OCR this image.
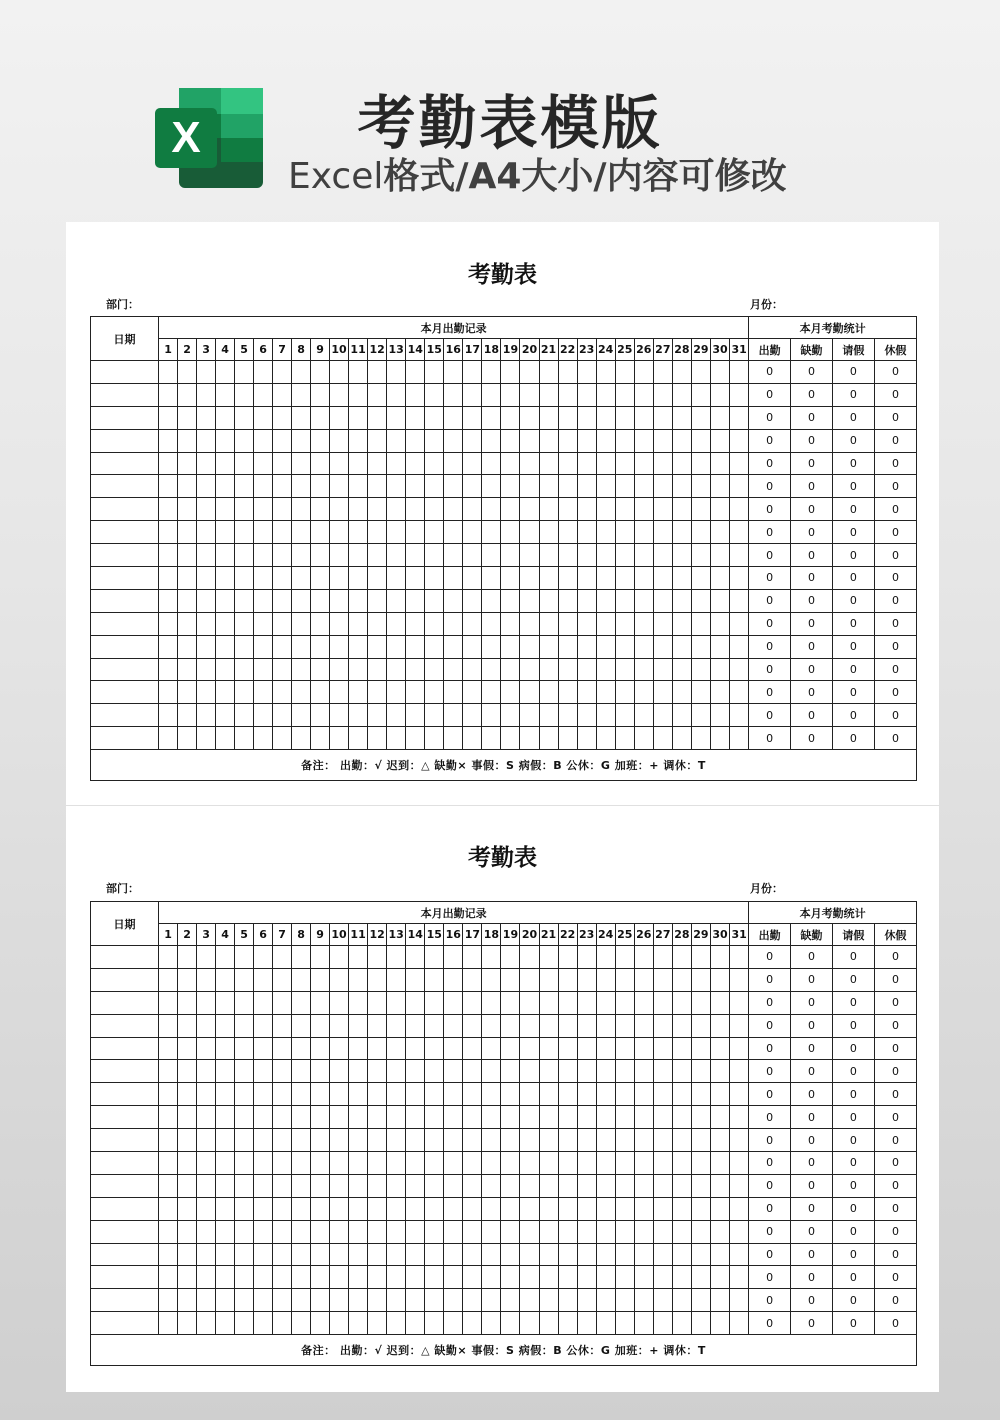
X	考勤表模版
Excel格式/A4大小/内容可修改
考勤表
部门：	月份：
日期	本月出勤记录																															本月考勤统计			
	1	2	3	4	5	6	7	8	9	10	11	12	13	14	15	16	17	18	19	20	21	22	23	24	25	26	27	28	29	30	31	出勤	缺勤	请假	休假
																																0	0	0	0
																																0	0	0	0
																																0	0	0	0
																																0	0	0	0
																																0	0	0	0
																																0	0	0	0
																																0	0	0	0
																																0	0	0	0
																																0	0	0	0
																																0	0	0	0
																																0	0	0	0
																																0	0	0	0
																																0	0	0	0
																																0	0	0	0
																																0	0	0	0
																																0	0	0	0
																																0	0	0	0
备注： 出勤：√ 迟到：△ 缺勤× 事假：S 病假：B 公休：G 加班：+ 调休：T																																			
考勤表
部门：	月份：
日期	本月出勤记录																															本月考勤统计			
	1	2	3	4	5	6	7	8	9	10	11	12	13	14	15	16	17	18	19	20	21	22	23	24	25	26	27	28	29	30	31	出勤	缺勤	请假	休假
																																0	0	0	0
																																0	0	0	0
																																0	0	0	0
																																0	0	0	0
																																0	0	0	0
																																0	0	0	0
																																0	0	0	0
																																0	0	0	0
																																0	0	0	0
																																0	0	0	0
																																0	0	0	0
																																0	0	0	0
																																0	0	0	0
																																0	0	0	0
																																0	0	0	0
																																0	0	0	0
																																0	0	0	0
备注： 出勤：√ 迟到：△ 缺勤× 事假：S 病假：B 公休：G 加班：+ 调休：T																																			
